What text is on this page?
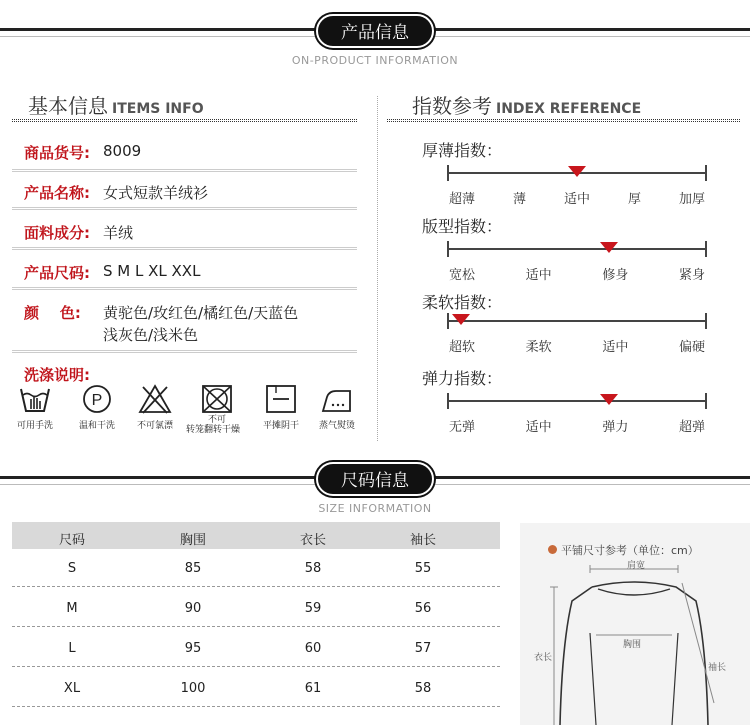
产品信息
ON-PRODUCT INFORMATION
基本信息 ITEMS INFO
商品货号: 8009
产品名称: 女式短款羊绒衫
面料成分: 羊绒
产品尺码: S M L XL XXL
颜    色: 黄驼色/玫红色/橘红色/天蓝色
浅灰色/浅米色
洗涤说明:
可用手洗
P
温和干洗	不可氯漂
不可
转笼翻转干燥	平摊阴干	蒸气熨烫
指数参考 INDEX REFERENCE
厚薄指数：
超薄	薄	适中	厚	加厚
版型指数：
宽松	适中	修身	紧身
柔软指数：
超软	柔软	适中	偏硬
弹力指数：
无弹	适中	弹力	超弹
尺码信息
SIZE INFORMATION
尺码	胸围	衣长	袖长
S	85	58	55
M	90	59	56
L	95	60	57
XL	100	61	58
平铺尺寸参考（单位：cm）
肩宽
胸围
衣长
袖长
